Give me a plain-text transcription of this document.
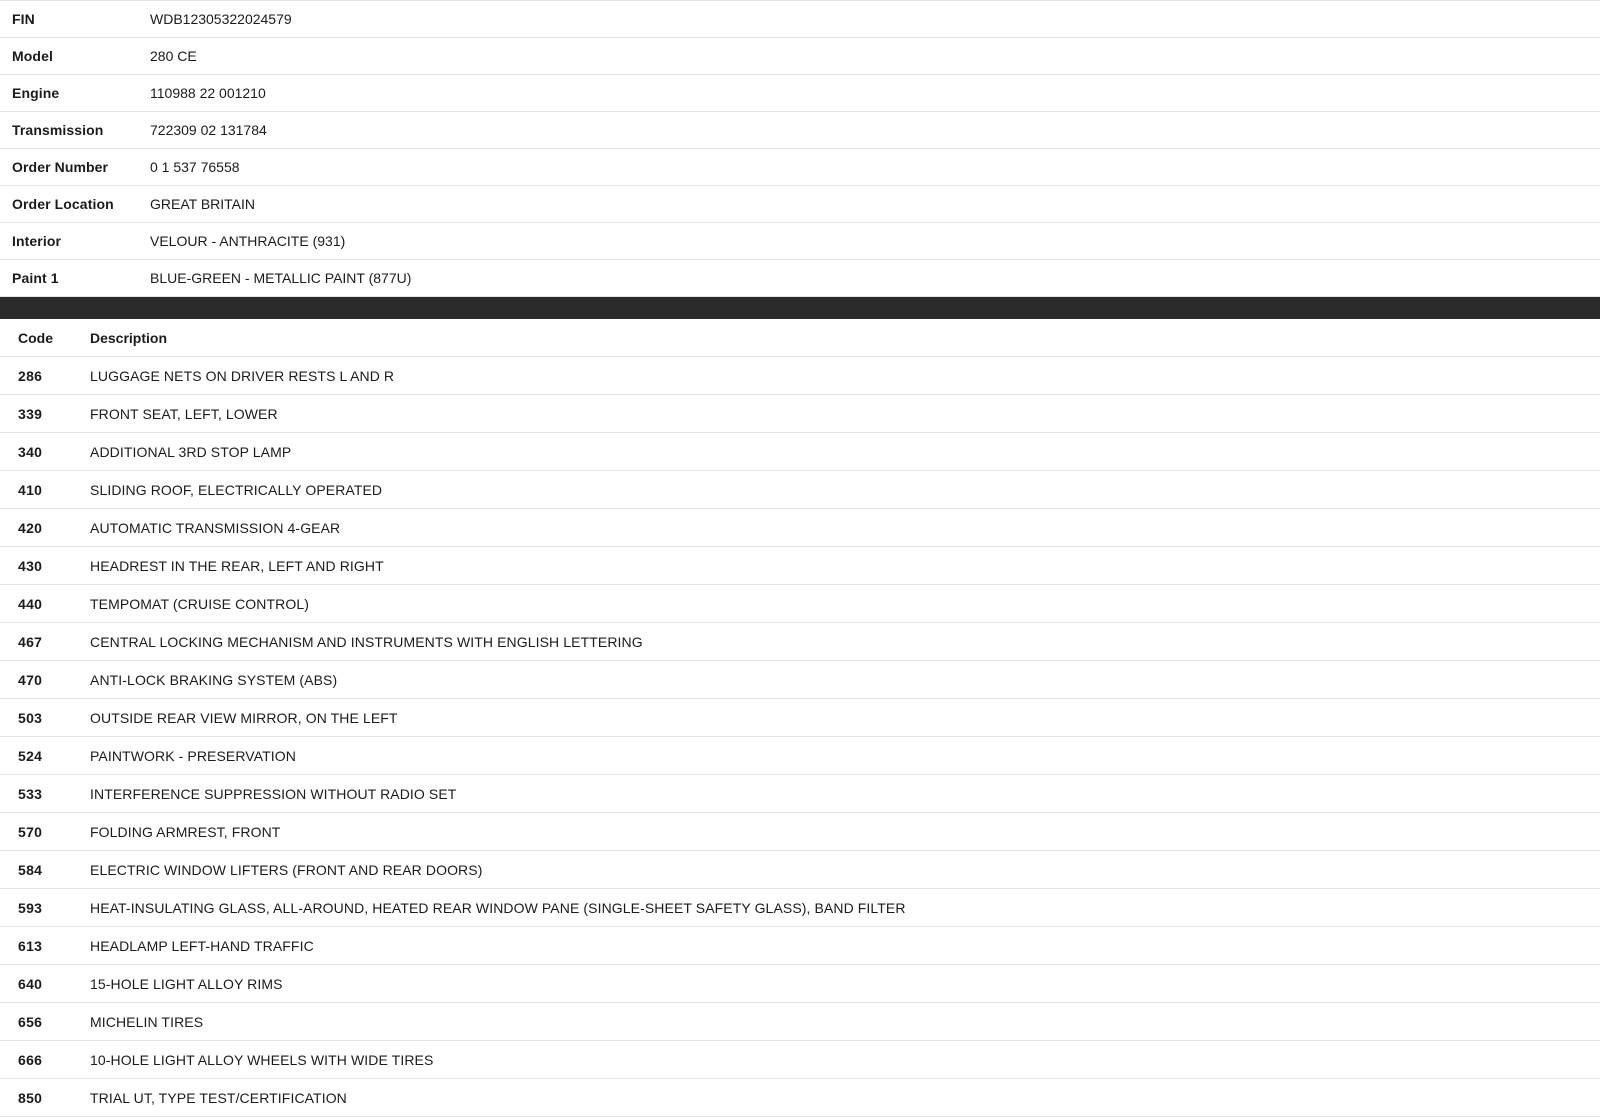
FIN	WDB12305322024579
Model	280 CE
Engine	110988 22 001210
Transmission	722309 02 131784
Order Number	0 1 537 76558
Order Location	GREAT BRITAIN
Interior	VELOUR - ANTHRACITE (931)
Paint 1	BLUE-GREEN - METALLIC PAINT (877U)
Code	Description
286	LUGGAGE NETS ON DRIVER RESTS L AND R
339	FRONT SEAT, LEFT, LOWER
340	ADDITIONAL 3RD STOP LAMP
410	SLIDING ROOF, ELECTRICALLY OPERATED
420	AUTOMATIC TRANSMISSION 4-GEAR
430	HEADREST IN THE REAR, LEFT AND RIGHT
440	TEMPOMAT (CRUISE CONTROL)
467	CENTRAL LOCKING MECHANISM AND INSTRUMENTS WITH ENGLISH LETTERING
470	ANTI-LOCK BRAKING SYSTEM (ABS)
503	OUTSIDE REAR VIEW MIRROR, ON THE LEFT
524	PAINTWORK - PRESERVATION
533	INTERFERENCE SUPPRESSION WITHOUT RADIO SET
570	FOLDING ARMREST, FRONT
584	ELECTRIC WINDOW LIFTERS (FRONT AND REAR DOORS)
593	HEAT-INSULATING GLASS, ALL-AROUND, HEATED REAR WINDOW PANE (SINGLE-SHEET SAFETY GLASS), BAND FILTER
613	HEADLAMP LEFT-HAND TRAFFIC
640	15-HOLE LIGHT ALLOY RIMS
656	MICHELIN TIRES
666	10-HOLE LIGHT ALLOY WHEELS WITH WIDE TIRES
850	TRIAL UT, TYPE TEST/CERTIFICATION
